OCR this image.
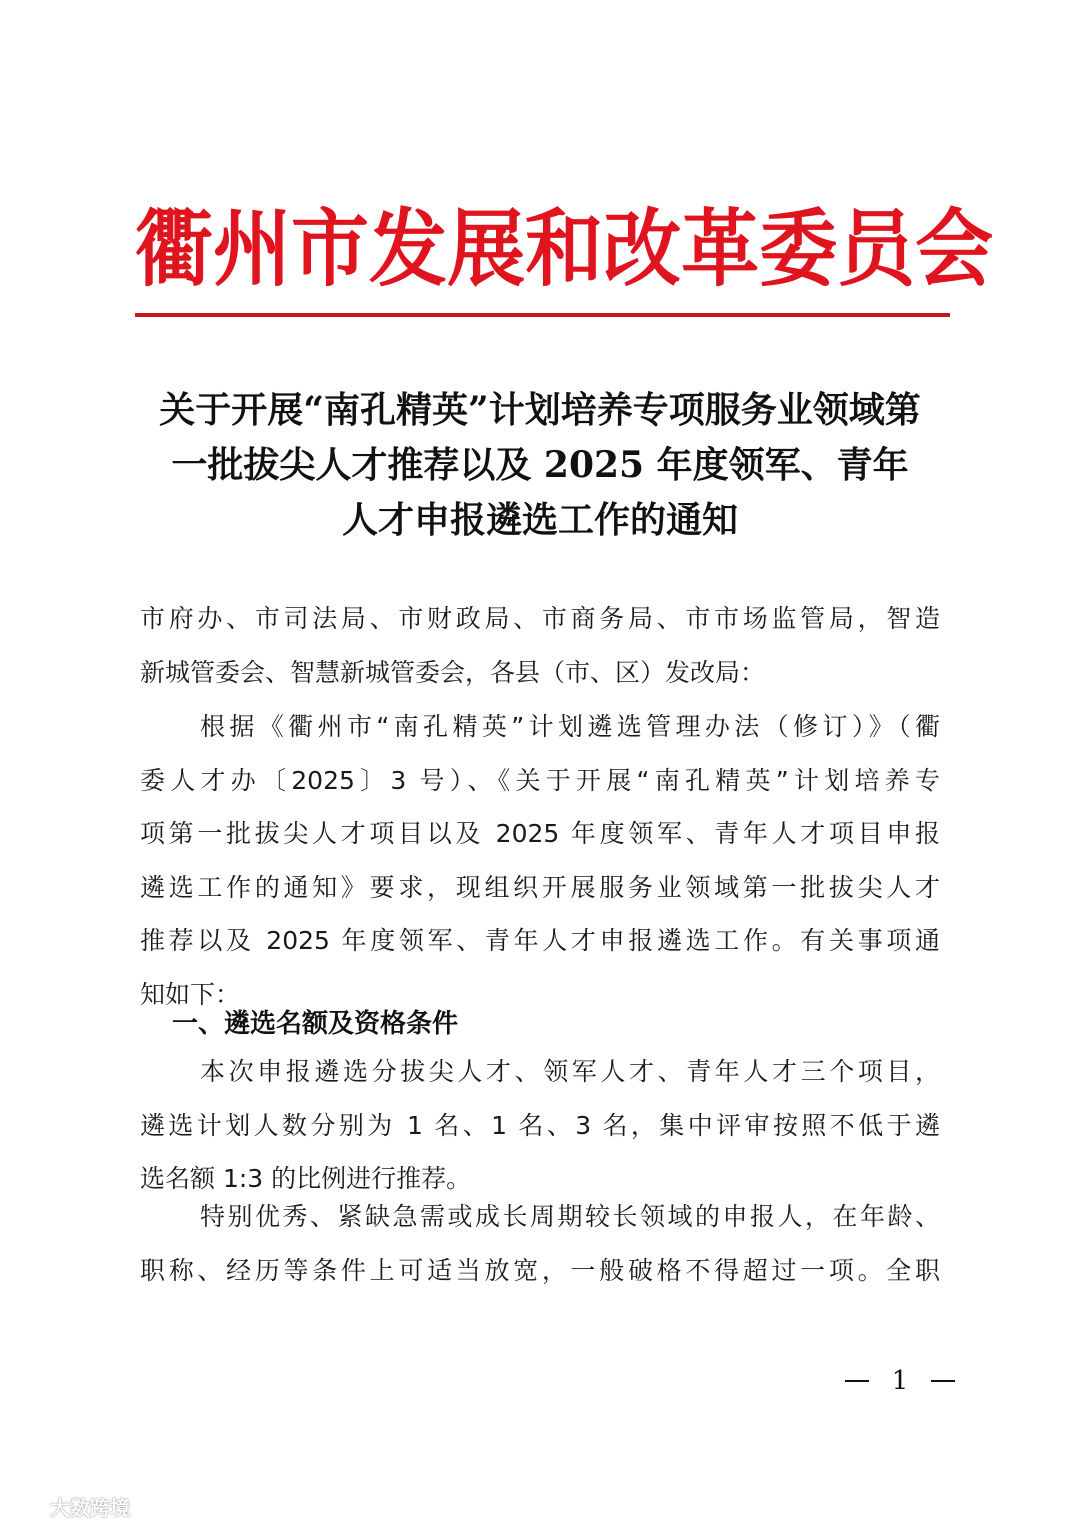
衢 州 市 发 展 和 改 革 委 员 会
关于开展“南孔精英”计划培养专项服务业领域第
一批拔尖人才推荐以及 2025 年度领军、青年
人才申报遴选工作的通知
市府办、市司法局、市财政局、市商务局、市市场监管局，智造
新城管委会、智慧新城管委会，各县（市、区）发改局：
根据《衢州市“南孔精英”计划遴选管理办法（修订）》（衢
委人才办〔2025〕3 号）、《关于开展“南孔精英”计划培养专
项第一批拔尖人才项目以及 2025 年度领军、青年人才项目申报
遴选工作的通知》要求，现组织开展服务业领域第一批拔尖人才
推荐以及 2025 年度领军、青年人才申报遴选工作。有关事项通
知如下：
一、遴选名额及资格条件
本次申报遴选分拔尖人才、领军人才、青年人才三个项目，
遴选计划人数分别为 1 名、1 名、3 名，集中评审按照不低于遴
选名额 1:3 的比例进行推荐。
特别优秀、紧缺急需或成长周期较长领域的申报人，在年龄、
职称、经历等条件上可适当放宽，一般破格不得超过一项。全职
1
大数跨境
